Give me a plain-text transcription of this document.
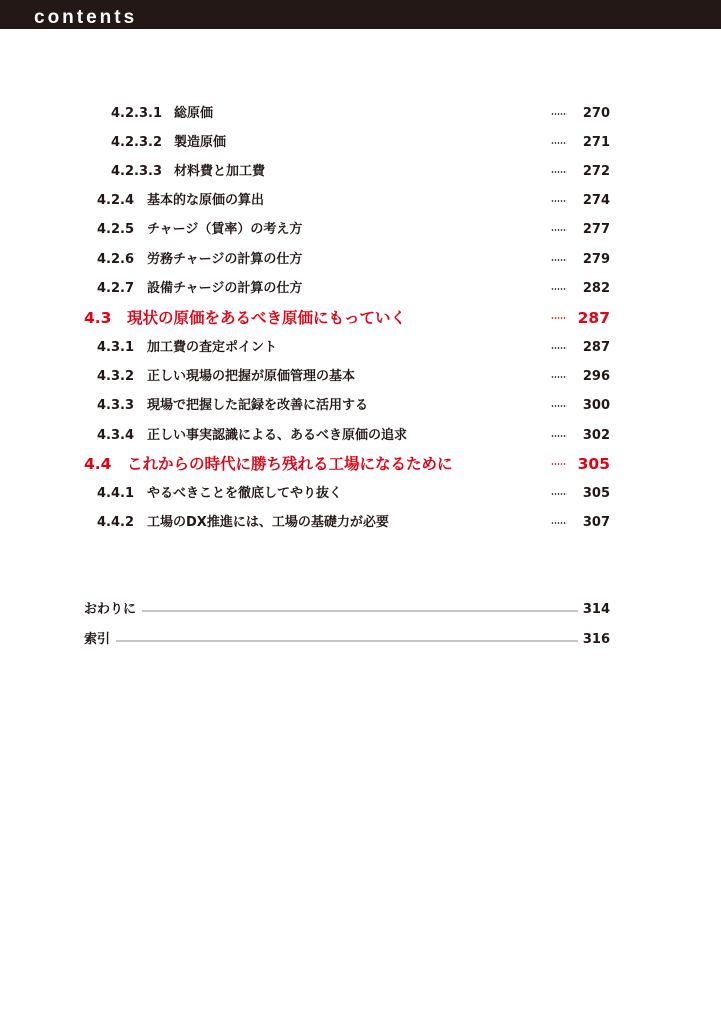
contents
4.2.3.1 総原価	270
4.2.3.2 製造原価	271
4.2.3.3 材料費と加工費	272
4.2.4 基本的な原価の算出	274
4.2.5 チャージ（賃率）の考え方	277
4.2.6 労務チャージの計算の仕方	279
4.2.7 設備チャージの計算の仕方	282
4.3 現状の原価をあるべき原価にもっていく	287
4.3.1 加工費の査定ポイント	287
4.3.2 正しい現場の把握が原価管理の基本	296
4.3.3 現場で把握した記録を改善に活用する	300
4.3.4 正しい事実認識による、あるべき原価の追求	302
4.4 これからの時代に勝ち残れる工場になるために	305
4.4.1 やるべきことを徹底してやり抜く	305
4.4.2 工場のDX推進には、工場の基礎力が必要	307
おわりに	314
索引	316
